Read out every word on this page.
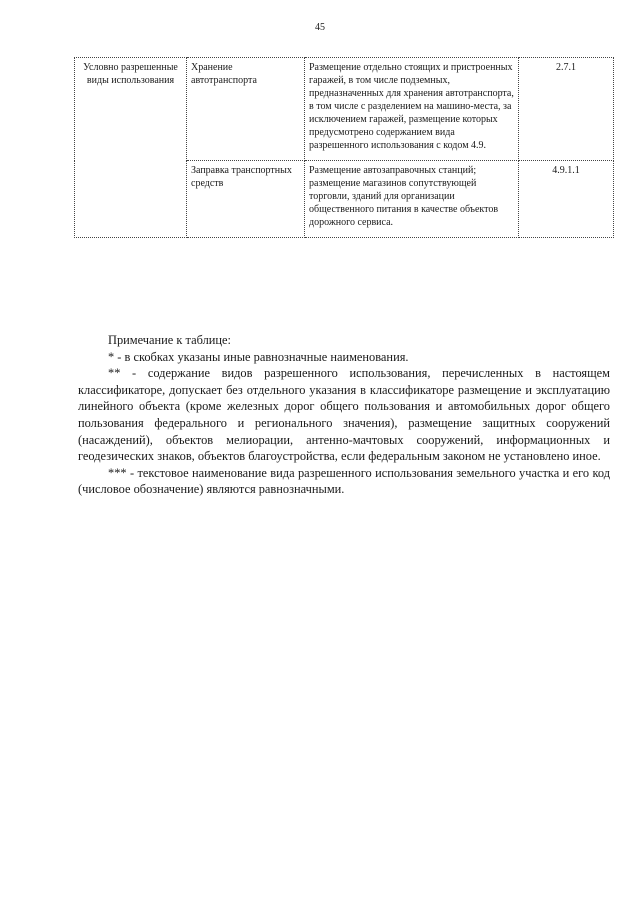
45
Условно разрешенные виды использования	Хранение автотранспорта	Размещение отдельно стоящих и пристроенных гаражей, в том числе подземных, предназначенных для хранения автотранспорта, в том числе с разделением на машино-места, за исключением гаражей, размещение которых предусмотрено содержанием вида разрешенного использования с кодом 4.9.	2.7.1
	Заправка транспортных средств	Размещение автозаправочных станций; размещение магазинов сопутствующей торговли, зданий для организации общественного питания в качестве объектов дорожного сервиса.	4.9.1.1

Примечание к таблице:

* - в скобках указаны иные равнозначные наименования.

** - содержание видов разрешенного использования, перечисленных в настоящем классификаторе, допускает без отдельного указания в классификаторе размещение и эксплуатацию линейного объекта (кроме железных дорог общего пользования и автомобильных дорог общего пользования федерального и регионального значения), размещение защитных сооружений (насаждений), объектов мелиорации, антенно-мачтовых сооружений, информационных и геодезических знаков, объектов благоустройства, если федеральным законом не установлено иное.

*** - текстовое наименование вида разрешенного использования земельного участка и его код (числовое обозначение) являются равнозначными.
